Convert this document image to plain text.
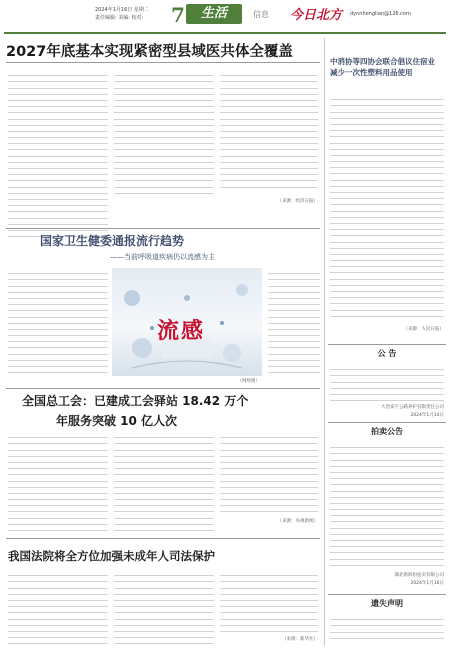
2024年1月16日 星期二
责任编辑: 美编: 校对: 7	生活	信息 今日北方 dynnhonglian@126.com
2027年底基本实现紧密型县域医共体全覆盖
（来源：经济日报）
国家卫生健委通报流行趋势
——当前呼吸道疾病仍以流感为主
流感
（网络图）
全国总工会：已建成工会驿站 18.42 万个
年服务突破 10 亿人次
（来源：央视新闻）
我国法院将全方位加强未成年人司法保护
（来源：新华社）
中消协等四协会联合倡议住宿业减少一次性塑料用品使用
（来源：人民日报）
公 告
大冶泰宇公路养护有限责任公司
2024年1月14日
拍卖公告
湖北新海恒拍卖有限公司
2024年1月16日
遗失声明
